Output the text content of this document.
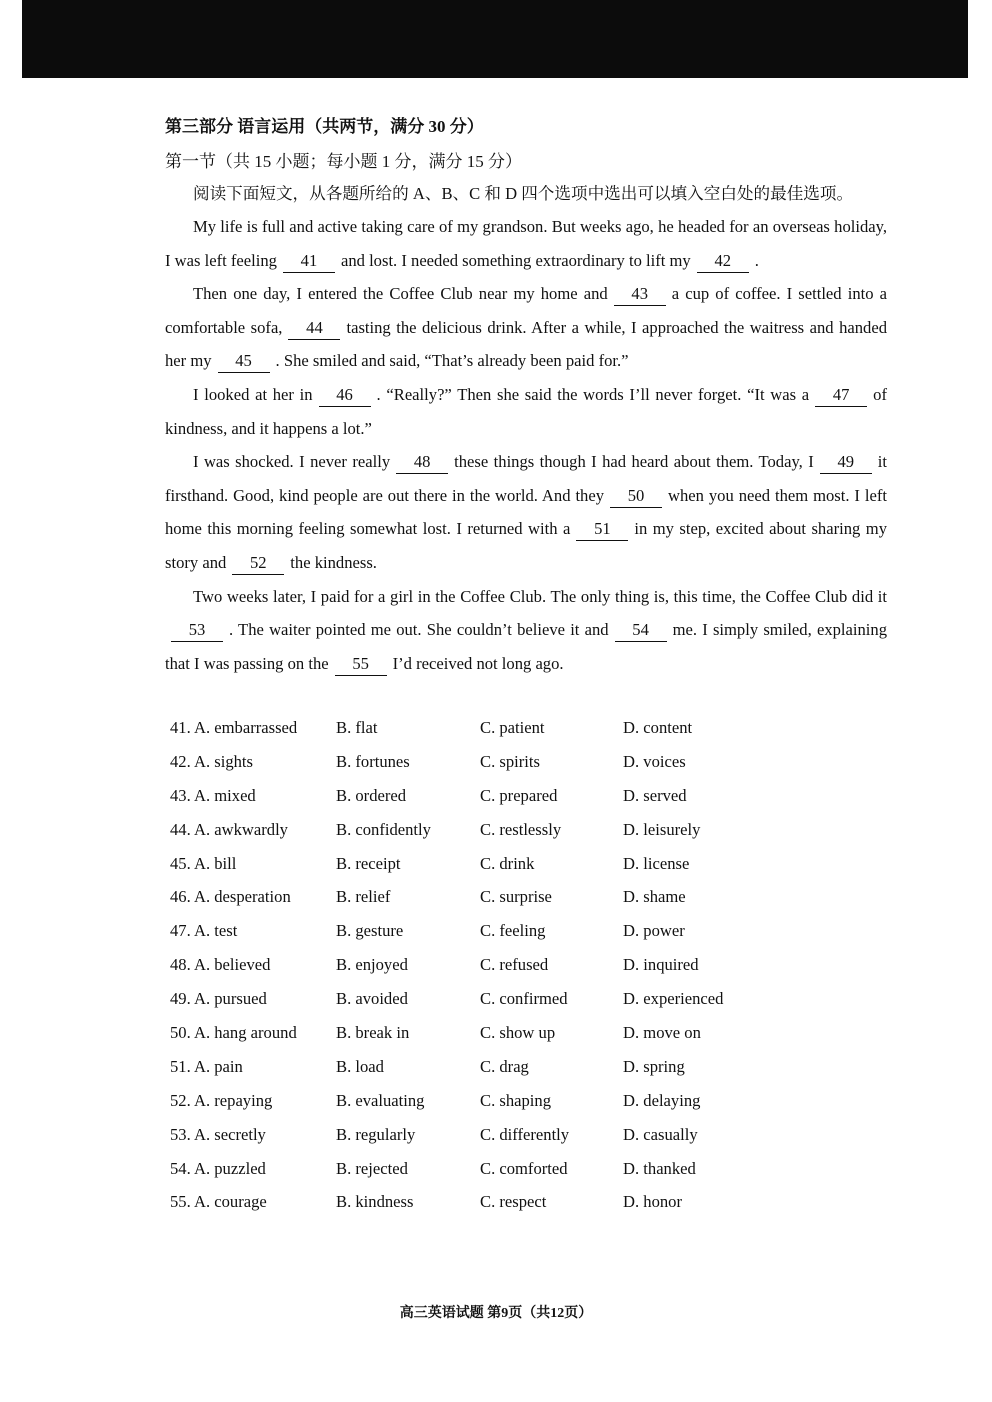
第三部分 语言运用（共两节，满分 30 分）
第一节（共 15 小题；每小题 1 分，满分 15 分）
阅读下面短文，从各题所给的 A、B、C 和 D 四个选项中选出可以填入空白处的最佳选项。

My life is full and active taking care of my grandson. But weeks ago, he headed for an overseas holiday, I was left feeling 41 and lost. I needed something extraordinary to lift my 42 .

Then one day, I entered the Coffee Club near my home and 43 a cup of coffee. I settled into a comfortable sofa, 44 tasting the delicious drink. After a while, I approached the waitress and handed her my 45 . She smiled and said, “That’s already been paid for.”

I looked at her in 46 . “Really?” Then she said the words I’ll never forget. “It was a 47 of kindness, and it happens a lot.”

I was shocked. I never really 48 these things though I had heard about them. Today, I 49 it firsthand. Good, kind people are out there in the world. And they 50 when you need them most. I left home this morning feeling somewhat lost. I returned with a 51 in my step, excited about sharing my story and 52 the kindness.

Two weeks later, I paid for a girl in the Coffee Club. The only thing is, this time, the Coffee Club did it53 . The waiter pointed me out. She couldn’t believe it and 54 me. I simply smiled, explaining that I was passing on the 55 I’d received not long ago.

41. A. embarrassed B. flat	C. patient	D. content
42. A. sights	B. fortunes	C. spirits	D. voices
43. A. mixed	B. ordered	C. prepared	D. served
44. A. awkwardly	B. confidently	C. restlessly	D. leisurely
45. A. bill	B. receipt	C. drink	D. license
46. A. desperation	B. relief	C. surprise	D. shame
47. A. test	B. gesture	C. feeling	D. power
48. A. believed	B. enjoyed	C. refused	D. inquired
49. A. pursued	B. avoided	C. confirmed	D. experienced
50. A. hang around B. break in	C. show up	D. move on
51. A. pain	B. load	C. drag	D. spring
52. A. repaying	B. evaluating	C. shaping	D. delaying
53. A. secretly	B. regularly	C. differently	D. casually
54. A. puzzled	B. rejected	C. comforted	D. thanked
55. A. courage	B. kindness	C. respect	D. honor
高三英语试题 第9页（共12页）
